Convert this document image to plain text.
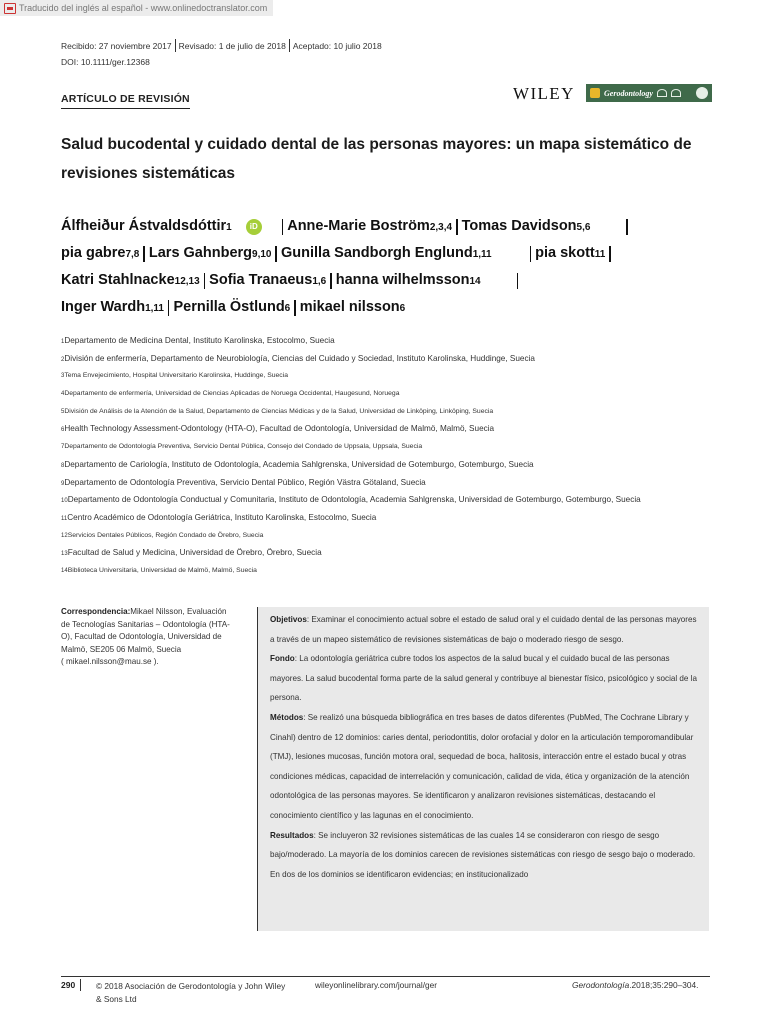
Traducido del inglés al español - www.onlinedoctranslator.com
Recibido: 27 noviembre 2017 Revisado: 1 de julio de 2018 Aceptado: 10 julio 2018
DOI: 10.1111/ger.12368
ARTÍCULO DE REVISIÓN	WILEY	Gerodontology
Salud bucodental y cuidado dental de las personas mayores: un mapa sistemático de revisiones sistemáticas
Álfheiður Ástvaldsdóttir 1	iD Anne-Marie Boström 2,3,4 Tomas Davidson 5,6
pia gabre 7,8 Lars Gahnberg 9,10 Gunilla Sandborgh Englund 1,11	pia skott 11
Katri Stahlnacke 12,13 Sofia Tranaeus 1,6 hanna wilhelmsson 14
Inger Wardh 1,11 Pernilla Östlund 6 mikael nilsson 6
1Departamento de Medicina Dental, Instituto Karolinska, Estocolmo, Suecia
2División de enfermería, Departamento de Neurobiología, Ciencias del Cuidado y Sociedad, Instituto Karolinska, Huddinge, Suecia
3Tema Envejecimiento, Hospital Universitario Karolinska, Huddinge, Suecia
4Departamento de enfermería, Universidad de Ciencias Aplicadas de Noruega Occidental, Haugesund, Noruega
5División de Análisis de la Atención de la Salud, Departamento de Ciencias Médicas y de la Salud, Universidad de Linköping, Linköping, Suecia
6Health Technology Assessment-Odontology (HTA-O), Facultad de Odontología, Universidad de Malmö, Malmö, Suecia
7Departamento de Odontología Preventiva, Servicio Dental Pública, Consejo del Condado de Uppsala, Uppsala, Suecia
8Departamento de Cariología, Instituto de Odontología, Academia Sahlgrenska, Universidad de Gotemburgo, Gotemburgo, Suecia
9Departamento de Odontología Preventiva, Servicio Dental Público, Región Västra Götaland, Suecia
10Departamento de Odontología Conductual y Comunitaria, Instituto de Odontología, Academia Sahlgrenska, Universidad de Gotemburgo, Gotemburgo, Suecia
11Centro Académico de Odontología Geriátrica, Instituto Karolinska, Estocolmo, Suecia
12Servicios Dentales Públicos, Región Condado de Örebro, Suecia
13Facultad de Salud y Medicina, Universidad de Örebro, Örebro, Suecia
14Biblioteca Universitaria, Universidad de Malmö, Malmö, Suecia
Correspondencia:Mikael Nilsson, Evaluación de Tecnologías Sanitarias – Odontología (HTA-O), Facultad de Odontología, Universidad de Malmö, SE205 06 Malmö, Suecia
( mikael.nilsson@mau.se ).

Objetivos: Examinar el conocimiento actual sobre el estado de salud oral y el cuidado dental de las personas mayores a través de un mapeo sistemático de revisiones sistemáticas de bajo o moderado riesgo de sesgo.

Fondo: La odontología geriátrica cubre todos los aspectos de la salud bucal y el cuidado bucal de las personas mayores. La salud bucodental forma parte de la salud general y contribuye al bienestar físico, psicológico y social de la persona.

Métodos: Se realizó una búsqueda bibliográfica en tres bases de datos diferentes (PubMed, The Cochrane Library y Cinahl) dentro de 12 dominios: caries dental, periodontitis, dolor orofacial y dolor en la articulación temporomandibular (TMJ), lesiones mucosas, función motora oral, sequedad de boca, halitosis, interacción entre el estado bucal y otras condiciones médicas, capacidad de interrelación y comunicación, calidad de vida, ética y organización de la atención odontológica de las personas mayores. Se identificaron y analizaron revisiones sistemáticas, destacando el conocimiento científico y las lagunas en el conocimiento.

Resultados: Se incluyeron 32 revisiones sistemáticas de las cuales 14 se consideraron con riesgo de sesgo bajo/moderado. La mayoría de los dominios carecen de revisiones sistemáticas con riesgo de sesgo bajo o moderado. En dos de los dominios se identificaron evidencias; en institucionalizado

290	© 2018 Asociación de Gerodontología y John Wiley & Sons Ltd
wileyonlinelibrary.com/journal/ger	Gerodontología.2018;35:290–304.
